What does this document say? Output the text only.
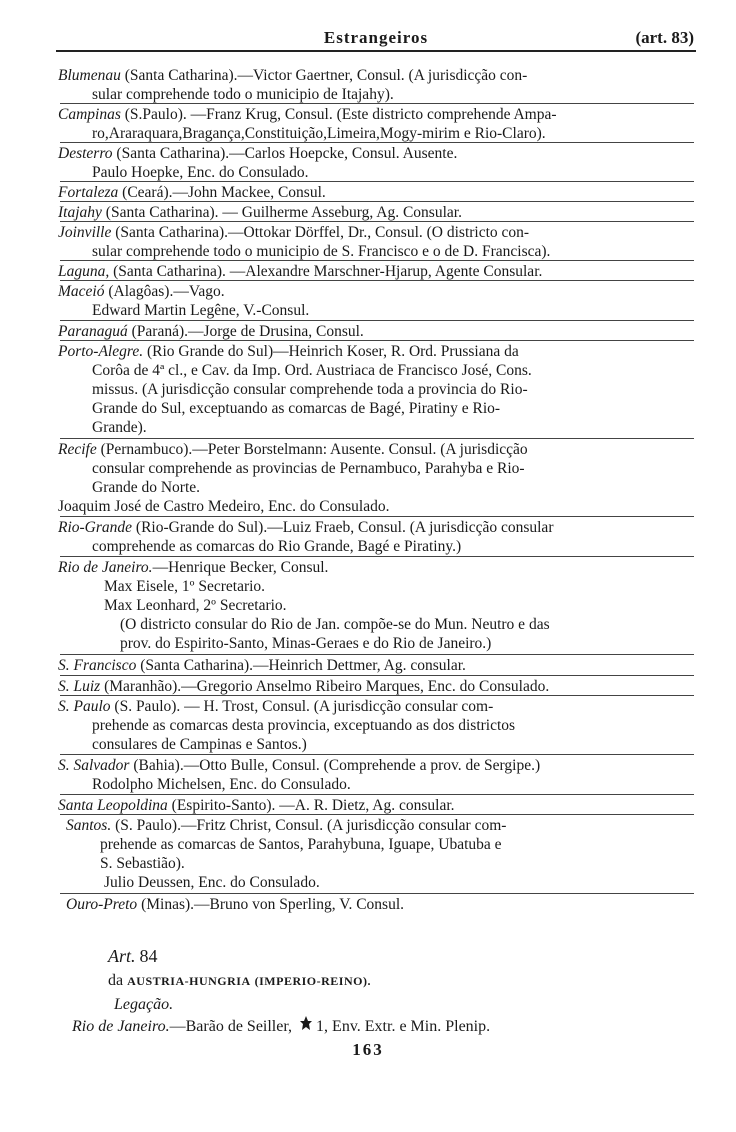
Estrangeiros	(art. 83)
Blumenau (Santa Catharina).—Victor Gaertner, Consul. (A jurisdicção con-
sular comprehende todo o municipio de Itajahy).
Campinas (S.Paulo). —Franz Krug, Consul. (Este districto comprehende Ampa-
ro,Araraquara,Bragança,Constituição,Limeira,Mogy-mirim e Rio-Claro).
Desterro (Santa Catharina).—Carlos Hoepcke, Consul. Ausente.
Paulo Hoepke, Enc. do Consulado.
Fortaleza (Ceará).—John Mackee, Consul.
Itajahy (Santa Catharina). — Guilherme Asseburg, Ag. Consular.
Joinville (Santa Catharina).—Ottokar Dörffel, Dr., Consul. (O districto con-
sular comprehende todo o municipio de S. Francisco e o de D. Francisca).
Laguna, (Santa Catharina). —Alexandre Marschner-Hjarup, Agente Consular.
Maceió (Alagôas).—Vago.
Edward Martin Legêne, V.-Consul.
Paranaguá (Paraná).—Jorge de Drusina, Consul.
Porto-Alegre. (Rio Grande do Sul)—Heinrich Koser, R. Ord. Prussiana da
Corôa de 4ª cl., e Cav. da Imp. Ord. Austriaca de Francisco José, Cons.
missus. (A jurisdicção consular comprehende toda a provincia do Rio-
Grande do Sul, exceptuando as comarcas de Bagé, Piratiny e Rio-
Grande).
Recife (Pernambuco).—Peter Borstelmann: Ausente. Consul. (A jurisdicção
consular comprehende as provincias de Pernambuco, Parahyba e Rio-
Grande do Norte.
Joaquim José de Castro Medeiro, Enc. do Consulado.
Rio-Grande (Rio-Grande do Sul).—Luiz Fraeb, Consul. (A jurisdicção consular
comprehende as comarcas do Rio Grande, Bagé e Piratiny.)
Rio de Janeiro.—Henrique Becker, Consul.
Max Eisele, 1º Secretario.
Max Leonhard, 2º Secretario.
(O districto consular do Rio de Jan. compõe-se do Mun. Neutro e das
prov. do Espirito-Santo, Minas-Geraes e do Rio de Janeiro.)
S. Francisco (Santa Catharina).—Heinrich Dettmer, Ag. consular.
S. Luiz (Maranhão).—Gregorio Anselmo Ribeiro Marques, Enc. do Consulado.
S. Paulo (S. Paulo). — H. Trost, Consul. (A jurisdicção consular com-
prehende as comarcas desta provincia, exceptuando as dos districtos
consulares de Campinas e Santos.)
S. Salvador (Bahia).—Otto Bulle, Consul. (Comprehende a prov. de Sergipe.)
Rodolpho Michelsen, Enc. do Consulado.
Santa Leopoldina (Espirito-Santo). —A. R. Dietz, Ag. consular.
Santos. (S. Paulo).—Fritz Christ, Consul. (A jurisdicção consular com-
prehende as comarcas de Santos, Parahybuna, Iguape, Ubatuba e
S. Sebastião).
Julio Deussen, Enc. do Consulado.
Ouro-Preto (Minas).—Bruno von Sperling, V. Consul.
Art. 84
da AUSTRIA-HUNGRIA (IMPERIO-REINO).
Legação.
Rio de Janeiro.—Barão de Seiller, 1, Env. Extr. e Min. Plenip.
163
